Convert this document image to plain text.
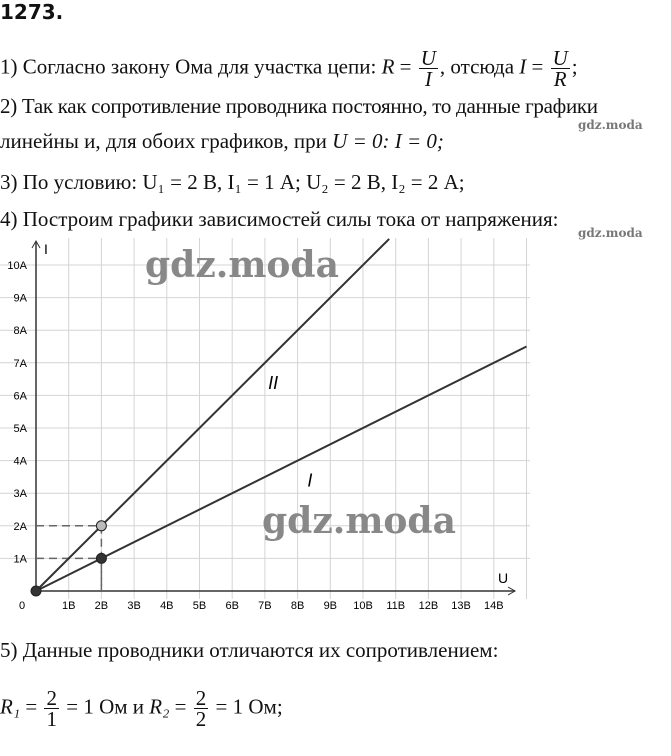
1273.
1) Согласно закону Ома для участка цепи: $R = \frac{U}{I}$ , отсюда $I = \frac{U}{R}$ ;
2) Так как сопротивление проводника постоянно, то данные графики
линейны и, для обоих графиков, при U = 0: I = 0;
gdz.moda
3) По условию: U₁ = 2 В, I₁ = 1 А; U₂ = 2 В, I₂ = 2 А;
4) Построим графики зависимостей силы тока от напряжения:
gdz.moda
I
U
0	1В 2В 3В 4В 5В 6В 7В 8В 9В 10В 11В 12В 13В 14В
1А
2А
3А
4А
5А
6А
7А
8А
9А
10А
II
I
gdz.moda
gdz.moda
5) Данные проводники отличаются их сопротивлением:
$R_1 = \frac{2}{1} = 1$ Ом и $R_2 = \frac{2}{2} = 1$ Ом;
